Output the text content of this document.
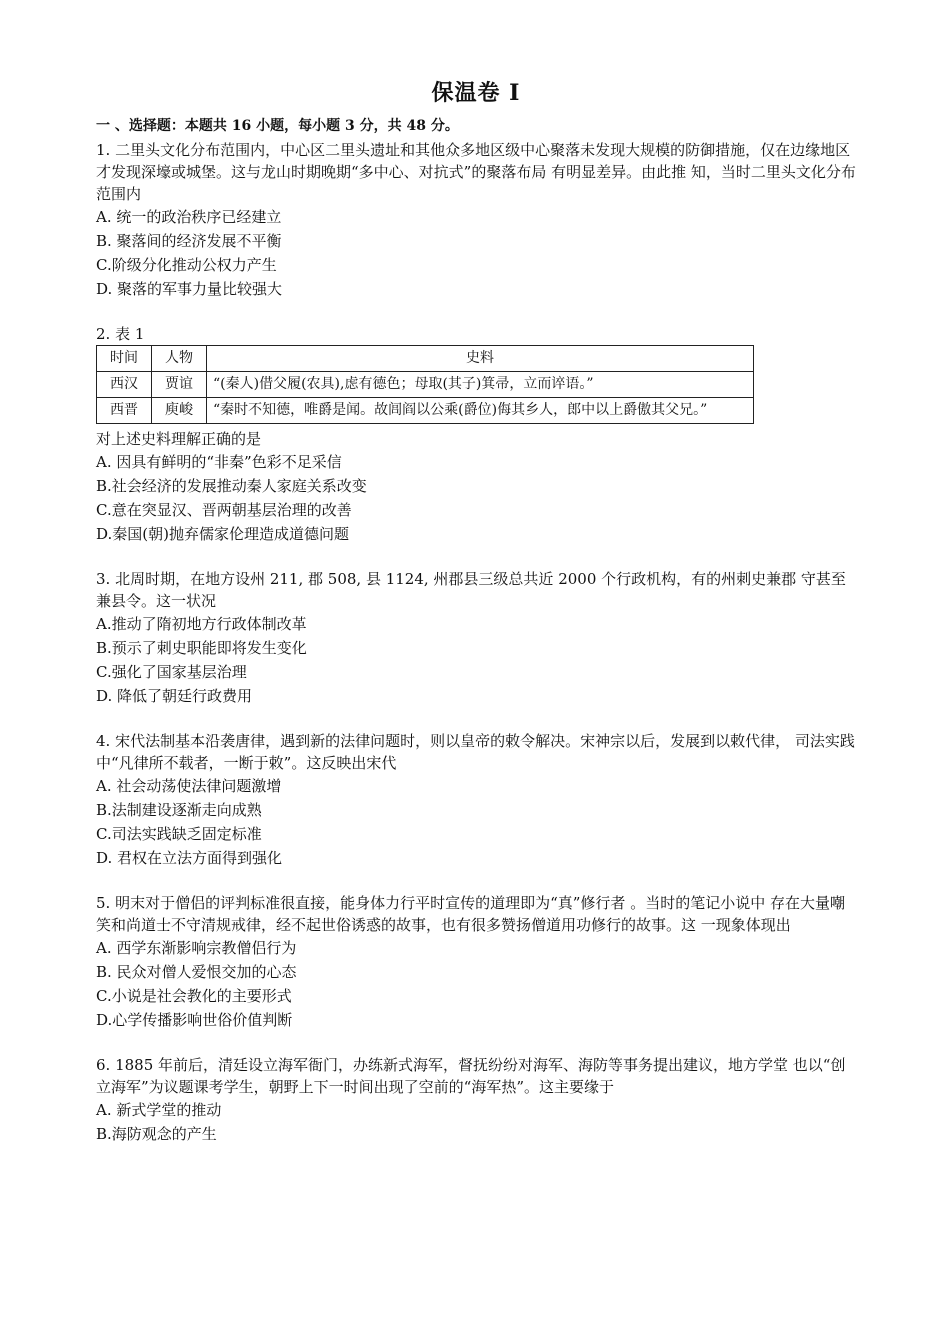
保温卷 I

一 、选择题：本题共 16 小题，每小题 3 分，共 48 分。

1. 二里头文化分布范围内，中心区二里头遗址和其他众多地区级中心聚落未发现大规模的防御措施，仅在边缘地区才发现深壕或城堡。这与龙山时期晚期“多中心、对抗式”的聚落布局 有明显差异。由此推 知，当时二里头文化分布范围内

A. 统一的政治秩序已经建立

B. 聚落间的经济发展不平衡

C.阶级分化推动公权力产生

D. 聚落的军事力量比较强大

2. 表 1

时间	人物	史料
西汉	贾谊	“(秦人)借父履(农具),虑有德色；母取(其子)箕帚，立而谇语。”
西晋	庾峻	“秦时不知德，唯爵是闻。故闾阎以公乘(爵位)侮其乡人，郎中以上爵傲其父兄。”

对上述史料理解正确的是

A. 因具有鲜明的“非秦”色彩不足采信

B.社会经济的发展推动秦人家庭关系改变

C.意在突显汉、晋两朝基层治理的改善

D.秦国(朝)抛弃儒家伦理造成道德问题

3. 北周时期，在地方设州 211, 郡 508, 县 1124, 州郡县三级总共近 2000 个行政机构，有的州刺史兼郡 守甚至兼县令。这一状况

A.推动了隋初地方行政体制改革

B.预示了刺史职能即将发生变化

C.强化了国家基层治理

D. 降低了朝廷行政费用

4. 宋代法制基本沿袭唐律，遇到新的法律问题时，则以皇帝的敕令解决。宋神宗以后，发展到以敕代律， 司法实践中“凡律所不载者，一断于敕”。这反映出宋代

A. 社会动荡使法律问题激增

B.法制建设逐渐走向成熟

C.司法实践缺乏固定标准

D. 君权在立法方面得到强化

5. 明末对于僧侣的评判标准很直接，能身体力行平时宣传的道理即为“真”修行者 。当时的笔记小说中 存在大量嘲笑和尚道士不守清规戒律，经不起世俗诱惑的故事，也有很多赞扬僧道用功修行的故事。这 一现象体现出

A. 西学东渐影响宗教僧侣行为

B. 民众对僧人爱恨交加的心态

C.小说是社会教化的主要形式

D.心学传播影响世俗价值判断

6. 1885 年前后，清廷设立海军衙门，办练新式海军，督抚纷纷对海军、海防等事务提出建议，地方学堂 也以“创立海军”为议题课考学生，朝野上下一时间出现了空前的“海军热”。这主要缘于

A. 新式学堂的推动

B.海防观念的产生
